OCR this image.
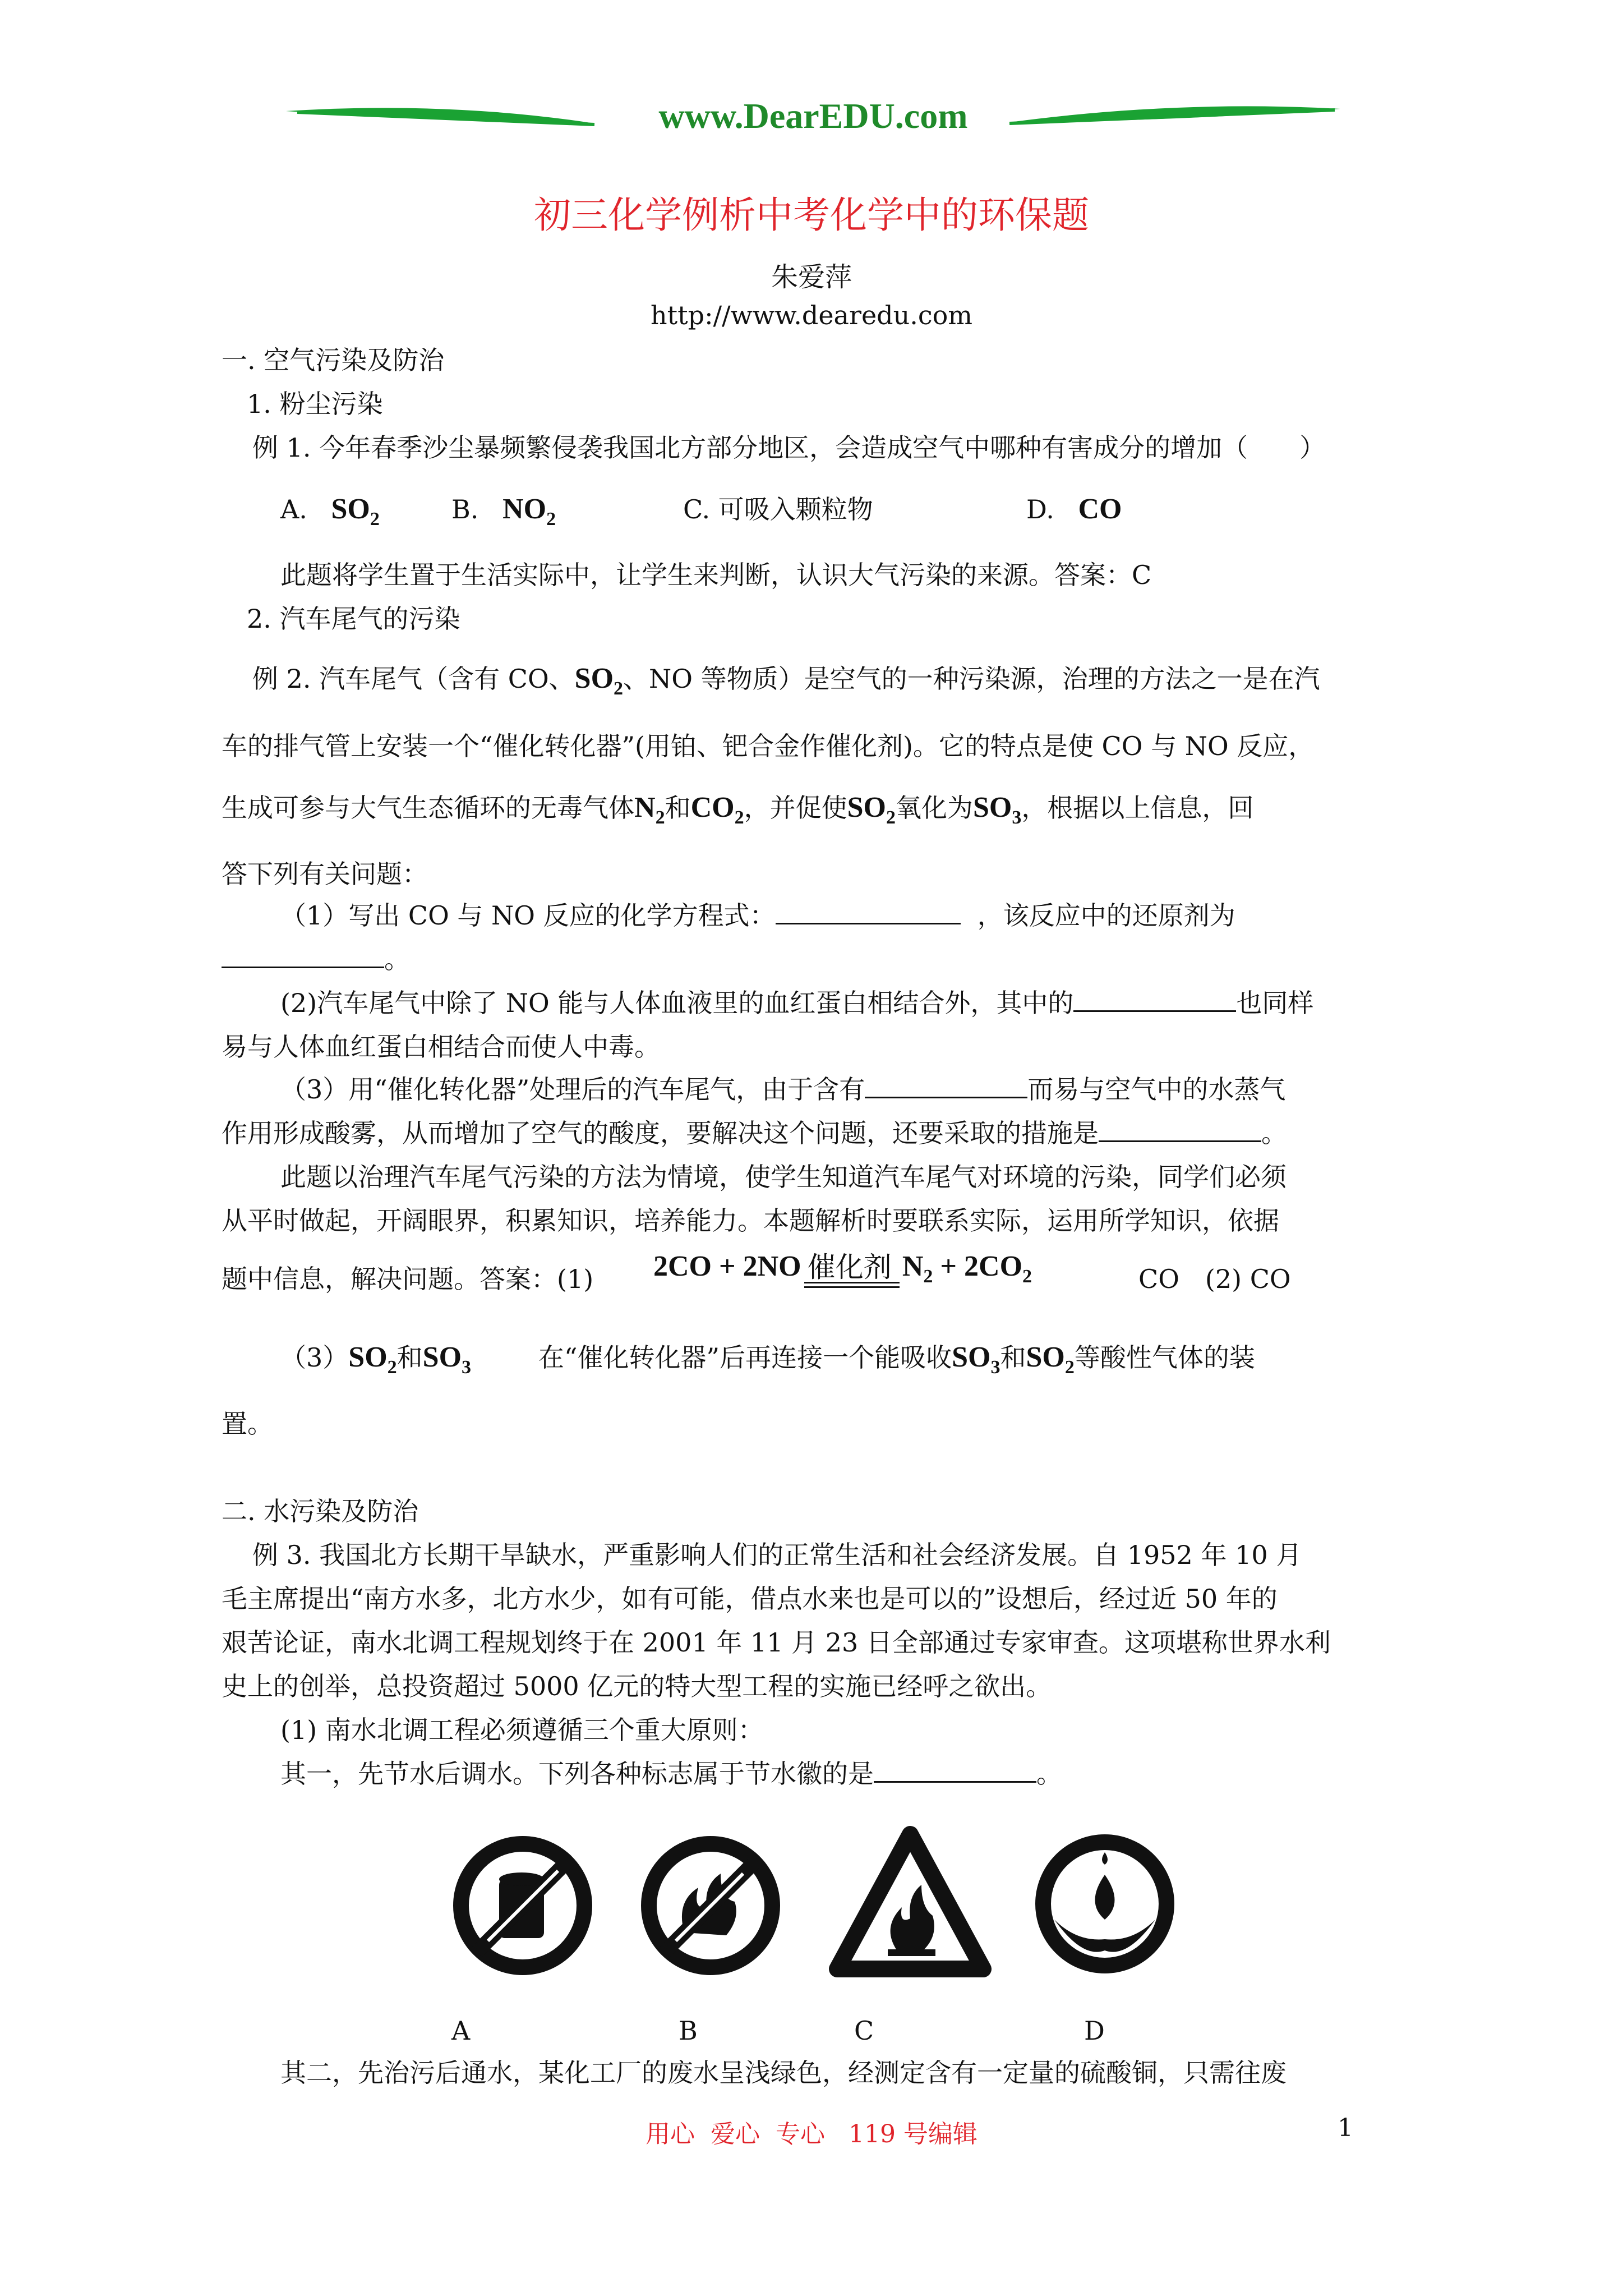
www.DearEDU.com
初三化学例析中考化学中的环保题
朱爱萍
http://www.dearedu.com
一. 空气污染及防治
1. 粉尘污染
例 1. 今年春季沙尘暴频繁侵袭我国北方部分地区，会造成空气中哪种有害成分的增加（　　）
A. $SO_2$	B. $NO_2$	C. 可吸入颗粒物	D. CO
此题将学生置于生活实际中，让学生来判断，认识大气污染的来源。答案：C
2. 汽车尾气的污染
例 2. 汽车尾气（含有 CO、$SO_2$、NO 等物质）是空气的一种污染源，治理的方法之一是在汽
车的排气管上安装一个“催化转化器”(用铂、钯合金作催化剂)。它的特点是使 CO 与 NO 反应，
生成可参与大气生态循环的无毒气体$N_2$和$CO_2$，并促使$SO_2$氧化为$SO_3$，根据以上信息，回
答下列有关问题：
（1）写出 CO 与 NO 反应的化学方程式：	，该反应中的还原剂为
。
(2)汽车尾气中除了 NO 能与人体血液里的血红蛋白相结合外，其中的	也同样
易与人体血红蛋白相结合而使人中毒。
（3）用“催化转化器”处理后的汽车尾气，由于含有	而易与空气中的水蒸气
作用形成酸雾，从而增加了空气的酸度，要解决这个问题，还要采取的措施是	。
此题以治理汽车尾气污染的方法为情境，使学生知道汽车尾气对环境的污染，同学们必须
从平时做起，开阔眼界，积累知识，培养能力。本题解析时要联系实际，运用所学知识，依据
题中信息，解决问题。答案：(1) 2CO + 2NO 催化剂 $N_2 + 2CO_2$	CO　(2) CO
$(3)SO_2$和$SO_3$	在“催化转化器”后再连接一个能吸收$SO_3$和$SO_2$等酸性气体的装
置。
二. 水污染及防治
例 3. 我国北方长期干旱缺水，严重影响人们的正常生活和社会经济发展。自 1952 年 10 月
毛主席提出“南方水多，北方水少，如有可能，借点水来也是可以的”设想后，经过近 50 年的
艰苦论证，南水北调工程规划终于在 2001 年 11 月 23 日全部通过专家审查。这项堪称世界水利
史上的创举，总投资超过 5000 亿元的特大型工程的实施已经呼之欲出。
(1) 南水北调工程必须遵循三个重大原则：
其一，先节水后调水。下列各种标志属于节水徽的是	。
A	B	C	D
其二，先治污后通水，某化工厂的废水呈浅绿色，经测定含有一定量的硫酸铜，只需往废
用心  爱心  专心   119 号编辑	1
